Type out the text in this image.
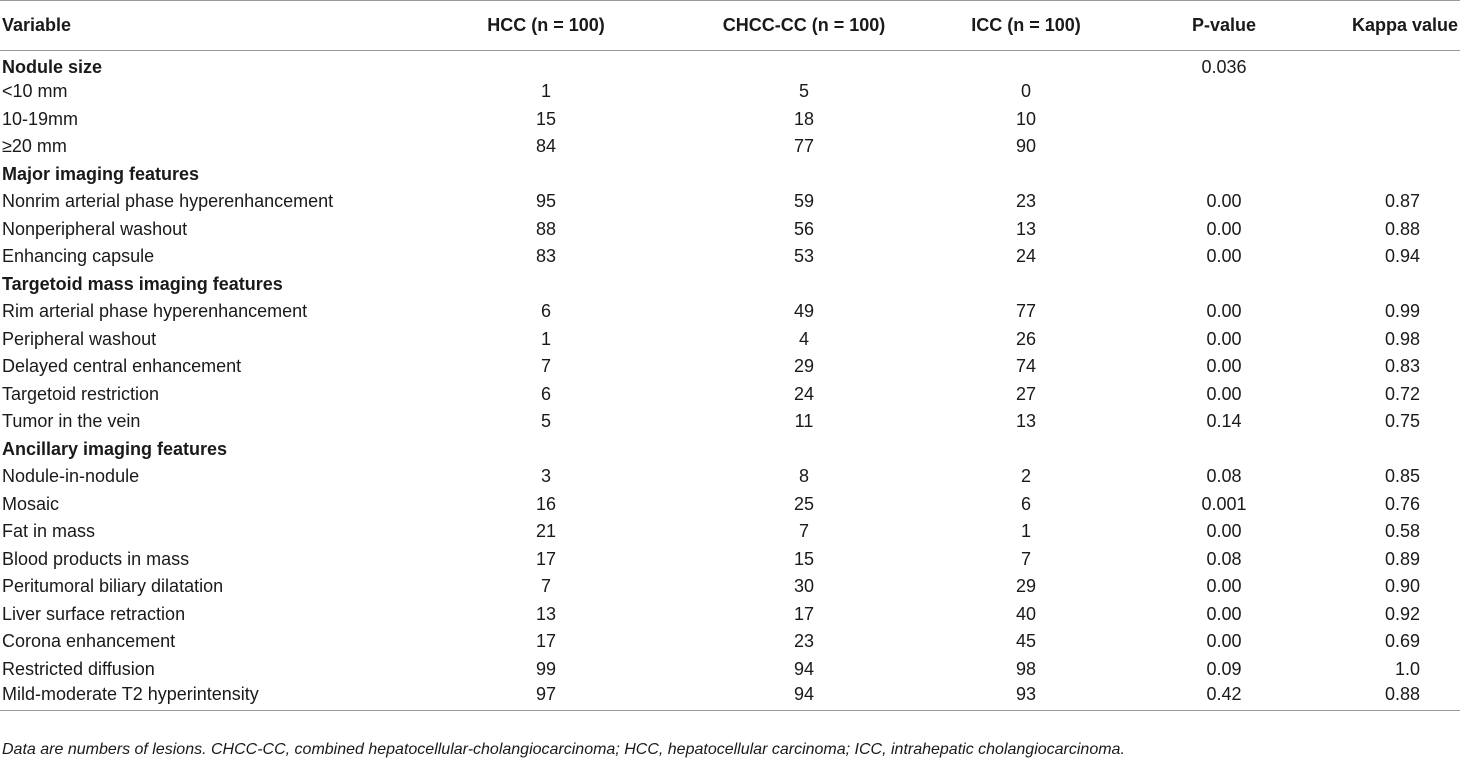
Variable	HCC (n = 100)	CHCC-CC (n = 100)	ICC (n = 100)	P-value	Kappa value
Nodule size				0.036	
<10 mm	1	5	0		
10-19mm	15	18	10		
≥20 mm	84	77	90		
Major imaging features					
Nonrim arterial phase hyperenhancement	95	59	23	0.00	0.87
Nonperipheral washout	88	56	13	0.00	0.88
Enhancing capsule	83	53	24	0.00	0.94
Targetoid mass imaging features					
Rim arterial phase hyperenhancement	6	49	77	0.00	0.99
Peripheral washout	1	4	26	0.00	0.98
Delayed central enhancement	7	29	74	0.00	0.83
Targetoid restriction	6	24	27	0.00	0.72
Tumor in the vein	5	11	13	0.14	0.75
Ancillary imaging features					
Nodule-in-nodule	3	8	2	0.08	0.85
Mosaic	16	25	6	0.001	0.76
Fat in mass	21	7	1	0.00	0.58
Blood products in mass	17	15	7	0.08	0.89
Peritumoral biliary dilatation	7	30	29	0.00	0.90
Liver surface retraction	13	17	40	0.00	0.92
Corona enhancement	17	23	45	0.00	0.69
Restricted diffusion	99	94	98	0.09	1.0
Mild-moderate T2 hyperintensity	97	94	93	0.42	0.88
Data are numbers of lesions. CHCC-CC, combined hepatocellular-cholangiocarcinoma; HCC, hepatocellular carcinoma; ICC, intrahepatic cholangiocarcinoma.
